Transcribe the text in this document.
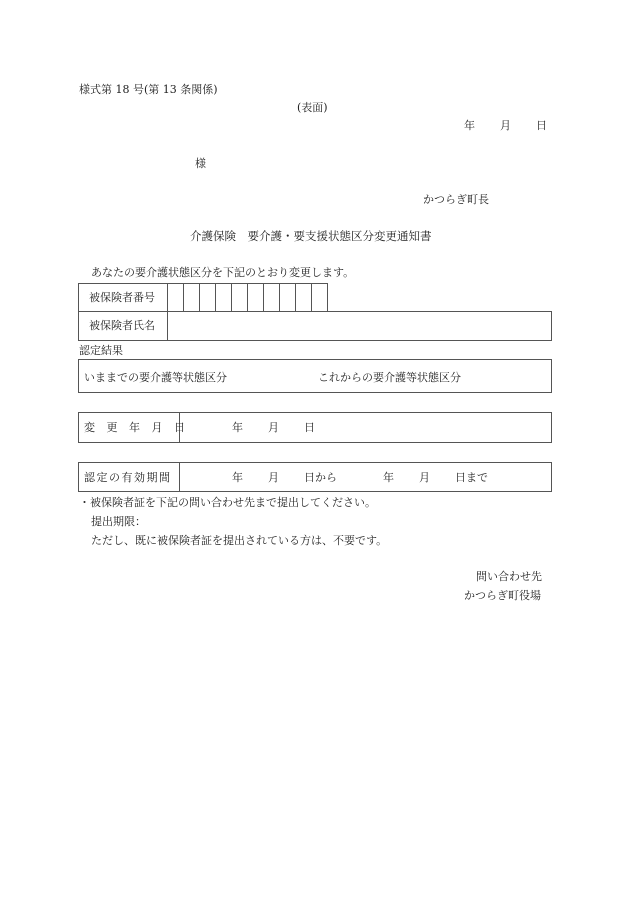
様式第 18 号(第 13 条関係)
(表面)
年 月 日
様
かつらぎ町長
介護保険　要介護・要支援状態区分変更通知書
あなたの要介護状態区分を下記のとおり変更します。
被保険者番号
被保険者氏名
認定結果
いままでの要介護等状態区分	これからの要介護等状態区分
変 更 年 月 日	年 月 日
認定の有効期間	年 月 日から	年 月 日まで
・被保険者証を下記の問い合わせ先まで提出してください。
提出期限：
ただし、既に被保険者証を提出されている方は、不要です。
問い合わせ先
かつらぎ町役場
